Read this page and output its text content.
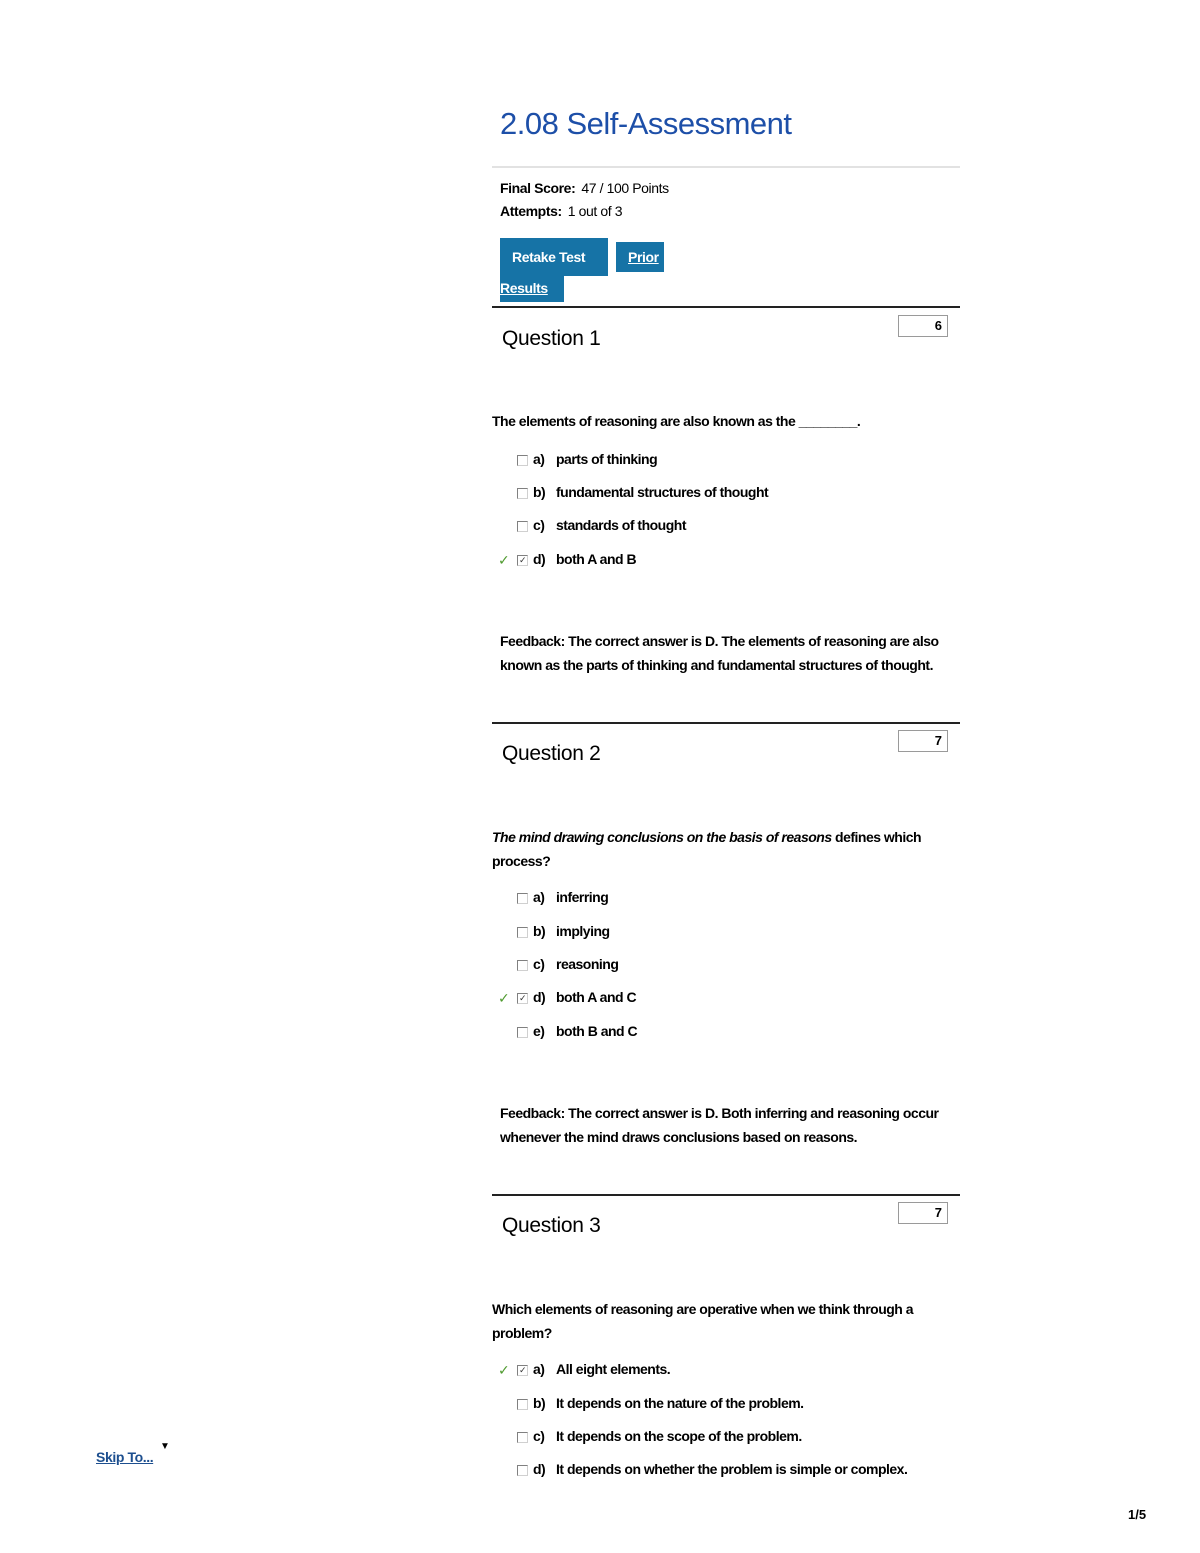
2.08 Self-Assessment
Final Score: 47 / 100 Points
Attempts: 1 out of 3
Retake Test	Prior
Results
Question 1
6
The elements of reasoning are also known as the ________.
a) parts of thinking
b) fundamental structures of thought
c) standards of thought
✓	✓ d) both A and B
Feedback: The correct answer is D. The elements of reasoning are also known as the parts of thinking and fundamental structures of thought.
Question 2
7
The mind drawing conclusions on the basis of reasons defines which process?
a) inferring
b) implying
c) reasoning
✓	✓ d) both A and C
e) both B and C
Feedback: The correct answer is D. Both inferring and reasoning occur whenever the mind draws conclusions based on reasons.
Question 3
7
Which elements of reasoning are operative when we think through a problem?
✓	✓ a) All eight elements.
b) It depends on the nature of the problem.
c) It depends on the scope of the problem.
d) It depends on whether the problem is simple or complex.
Skip To...
▼
1/5
